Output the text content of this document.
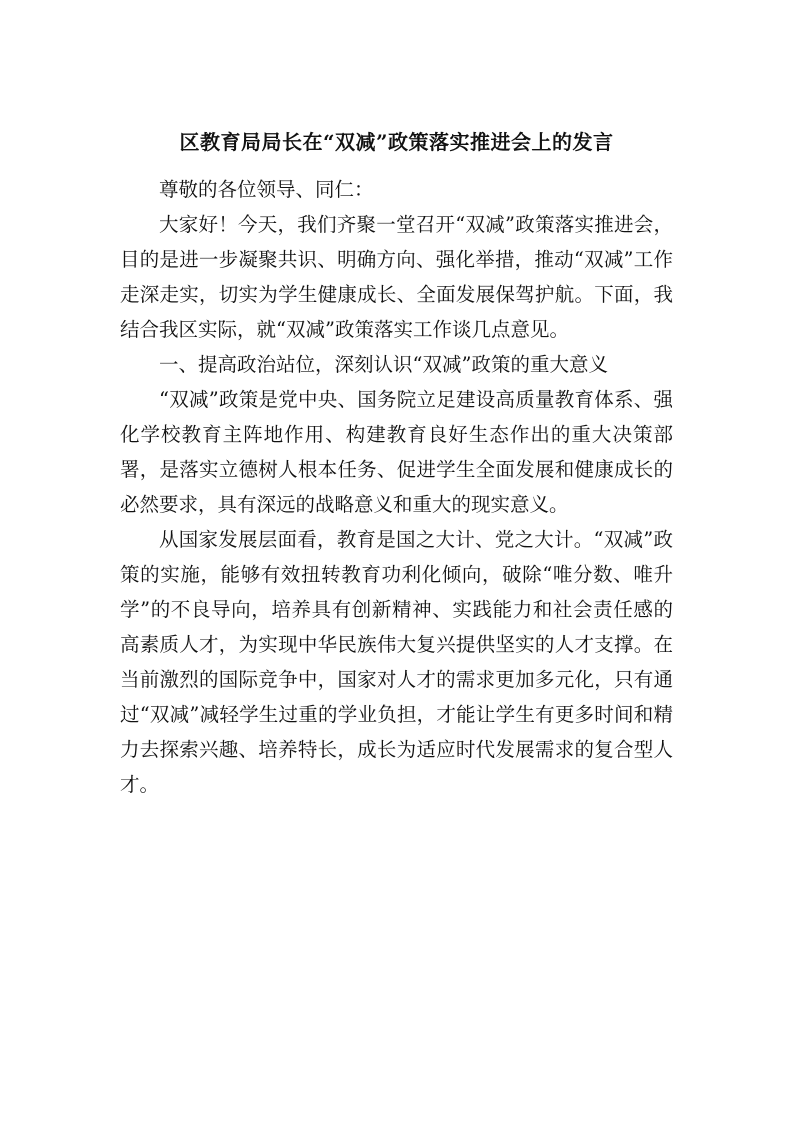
区教育局局长在“双减”政策落实推进会上的发言

尊敬的各位领导、同仁：

大家好！今天，我们齐聚一堂召开“双减”政策落实推进会，目的是进一步凝聚共识、明确方向、强化举措，推动“双减”工作走深走实，切实为学生健康成长、全面发展保驾护航。下面，我结合我区实际，就“双减”政策落实工作谈几点意见。

一、提高政治站位，深刻认识“双减”政策的重大意义

“双减”政策是党中央、国务院立足建设高质量教育体系、强化学校教育主阵地作用、构建教育良好生态作出的重大决策部署，是落实立德树人根本任务、促进学生全面发展和健康成长的必然要求，具有深远的战略意义和重大的现实意义。

从国家发展层面看，教育是国之大计、党之大计。“双减”政策的实施，能够有效扭转教育功利化倾向，破除“唯分数、唯升学”的不良导向，培养具有创新精神、实践能力和社会责任感的高素质人才，为实现中华民族伟大复兴提供坚实的人才支撑。在当前激烈的国际竞争中，国家对人才的需求更加多元化，只有通过“双减”减轻学生过重的学业负担，才能让学生有更多时间和精力去探索兴趣、培养特长，成长为适应时代发展需求的复合型人才。
